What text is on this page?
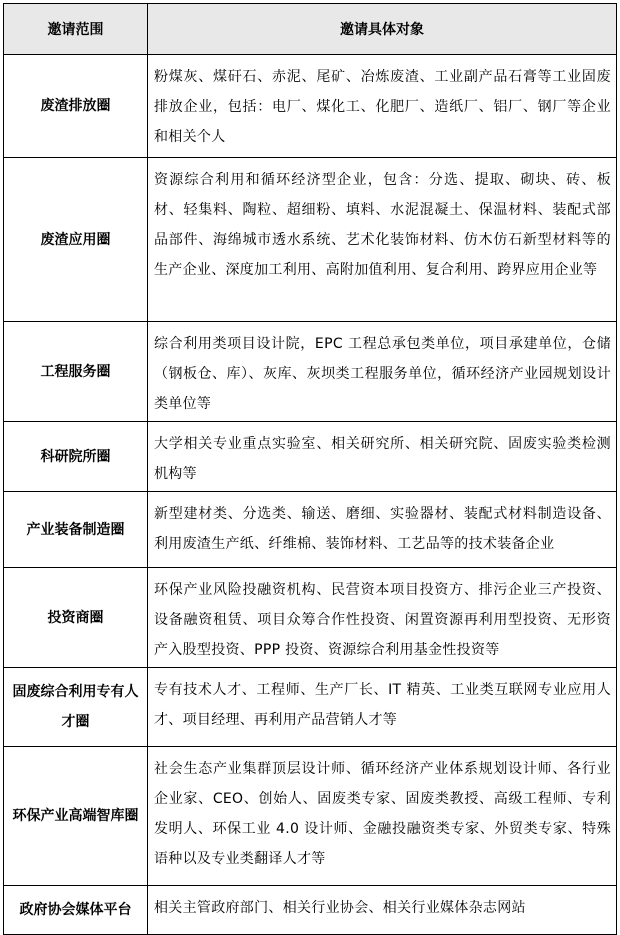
邀请范围	邀请具体对象
废渣排放圈	粉煤灰、煤矸石、赤泥、尾矿、冶炼废渣、工业副产品石膏等工业固废排放企业，包括：电厂、煤化工、化肥厂、造纸厂、铝厂、钢厂等企业和相关个人
废渣应用圈	资源综合利用和循环经济型企业，包含：分选、提取、砌块、砖、板材、轻集料、陶粒、超细粉、填料、水泥混凝土、保温材料、装配式部品部件、海绵城市透水系统、艺术化装饰材料、仿木仿石新型材料等的生产企业、深度加工利用、高附加值利用、复合利用、跨界应用企业等
工程服务圈	综合利用类项目设计院，EPC 工程总承包类单位，项目承建单位，仓储（钢板仓、库）、灰库、灰坝类工程服务单位，循环经济产业园规划设计类单位等
科研院所圈	大学相关专业重点实验室、相关研究所、相关研究院、固废实验类检测机构等
产业装备制造圈	新型建材类、分选类、输送、磨细、实验器材、装配式材料制造设备、利用废渣生产纸、纤维棉、装饰材料、工艺品等的技术装备企业
投资商圈	环保产业风险投融资机构、民营资本项目投资方、排污企业三产投资、设备融资租赁、项目众筹合作性投资、闲置资源再利用型投资、无形资产入股型投资、PPP 投资、资源综合利用基金性投资等
固废综合利用专有人才圈	专有技术人才、工程师、生产厂长、IT 精英、工业类互联网专业应用人才、项目经理、再利用产品营销人才等
环保产业高端智库圈	社会生态产业集群顶层设计师、循环经济产业体系规划设计师、各行业企业家、CEO、创始人、固废类专家、固废类教授、高级工程师、专利发明人、环保工业 4.0 设计师、金融投融资类专家、外贸类专家、特殊语种以及专业类翻译人才等
政府协会媒体平台	相关主管政府部门、相关行业协会、相关行业媒体杂志网站
